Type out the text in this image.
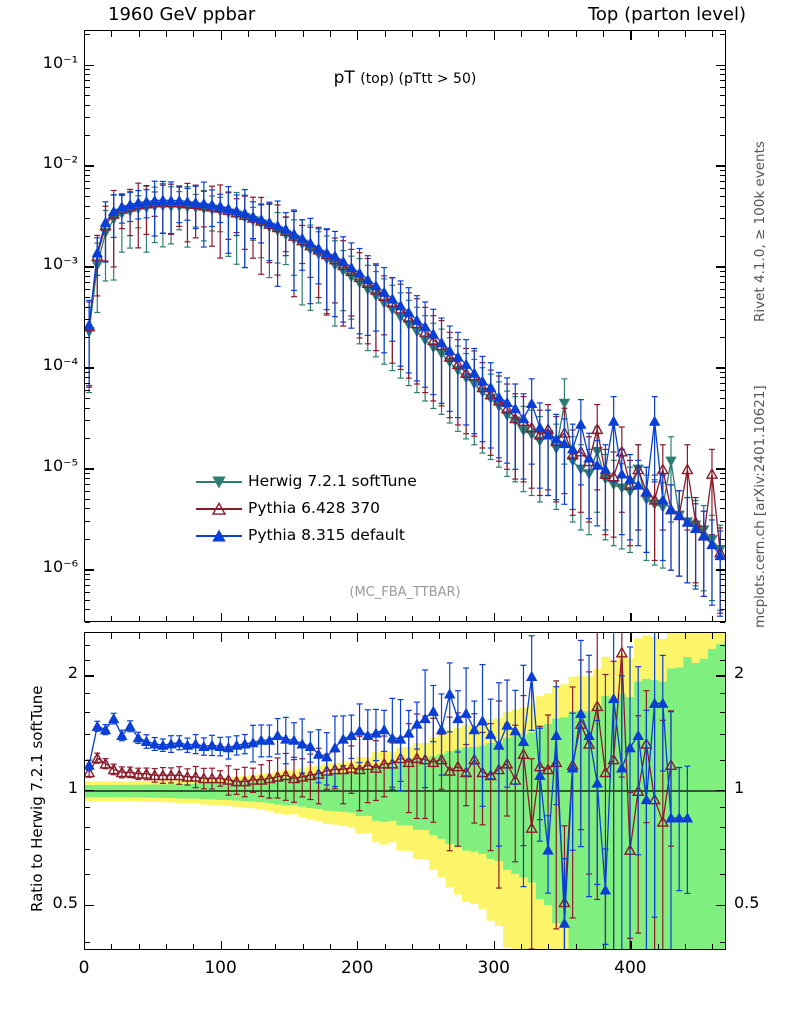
1960 GeV ppbar	Top (parton level)
Rivet 4.1.0, ≥ 100k events
mcplots.cern.ch [arXiv:2401.10621]
pT (top) (pTtt > 50)
(MC_FBA_TTBAR)
Herwig 7.2.1 softTune
Pythia 6.428 370
Pythia 8.315 default
Ratio to Herwig 7.2.1 softTune
10⁻¹
10⁻²
10⁻³
10⁻⁴
10⁻⁵
10⁻⁶
2	2
1	1
0.5	0.5
0	100	200	300	400
